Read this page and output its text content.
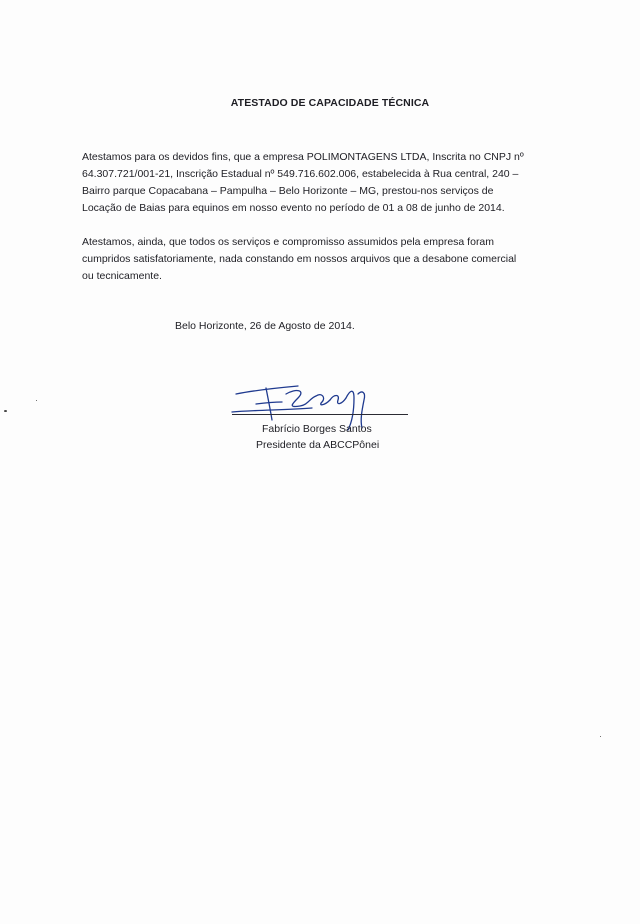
ATESTADO DE CAPACIDADE TÉCNICA

Atestamos para os devidos fins, que a empresa POLIMONTAGENS LTDA, Inscrita no CNPJ nº

64.307.721/001-21, Inscrição Estadual nº 549.716.602.006, estabelecida à Rua central, 240 –

Bairro parque Copacabana – Pampulha – Belo Horizonte – MG, prestou-nos serviços de

Locação de Baias para equinos em nosso evento no período de 01 a 08 de junho de 2014.

Atestamos, ainda, que todos os serviços e compromisso assumidos pela empresa foram

cumpridos satisfatoriamente, nada constando em nossos arquivos que a desabone comercial

ou tecnicamente.

Belo Horizonte, 26 de Agosto de 2014.
Fabrício Borges Santos
Presidente da ABCCPônei
